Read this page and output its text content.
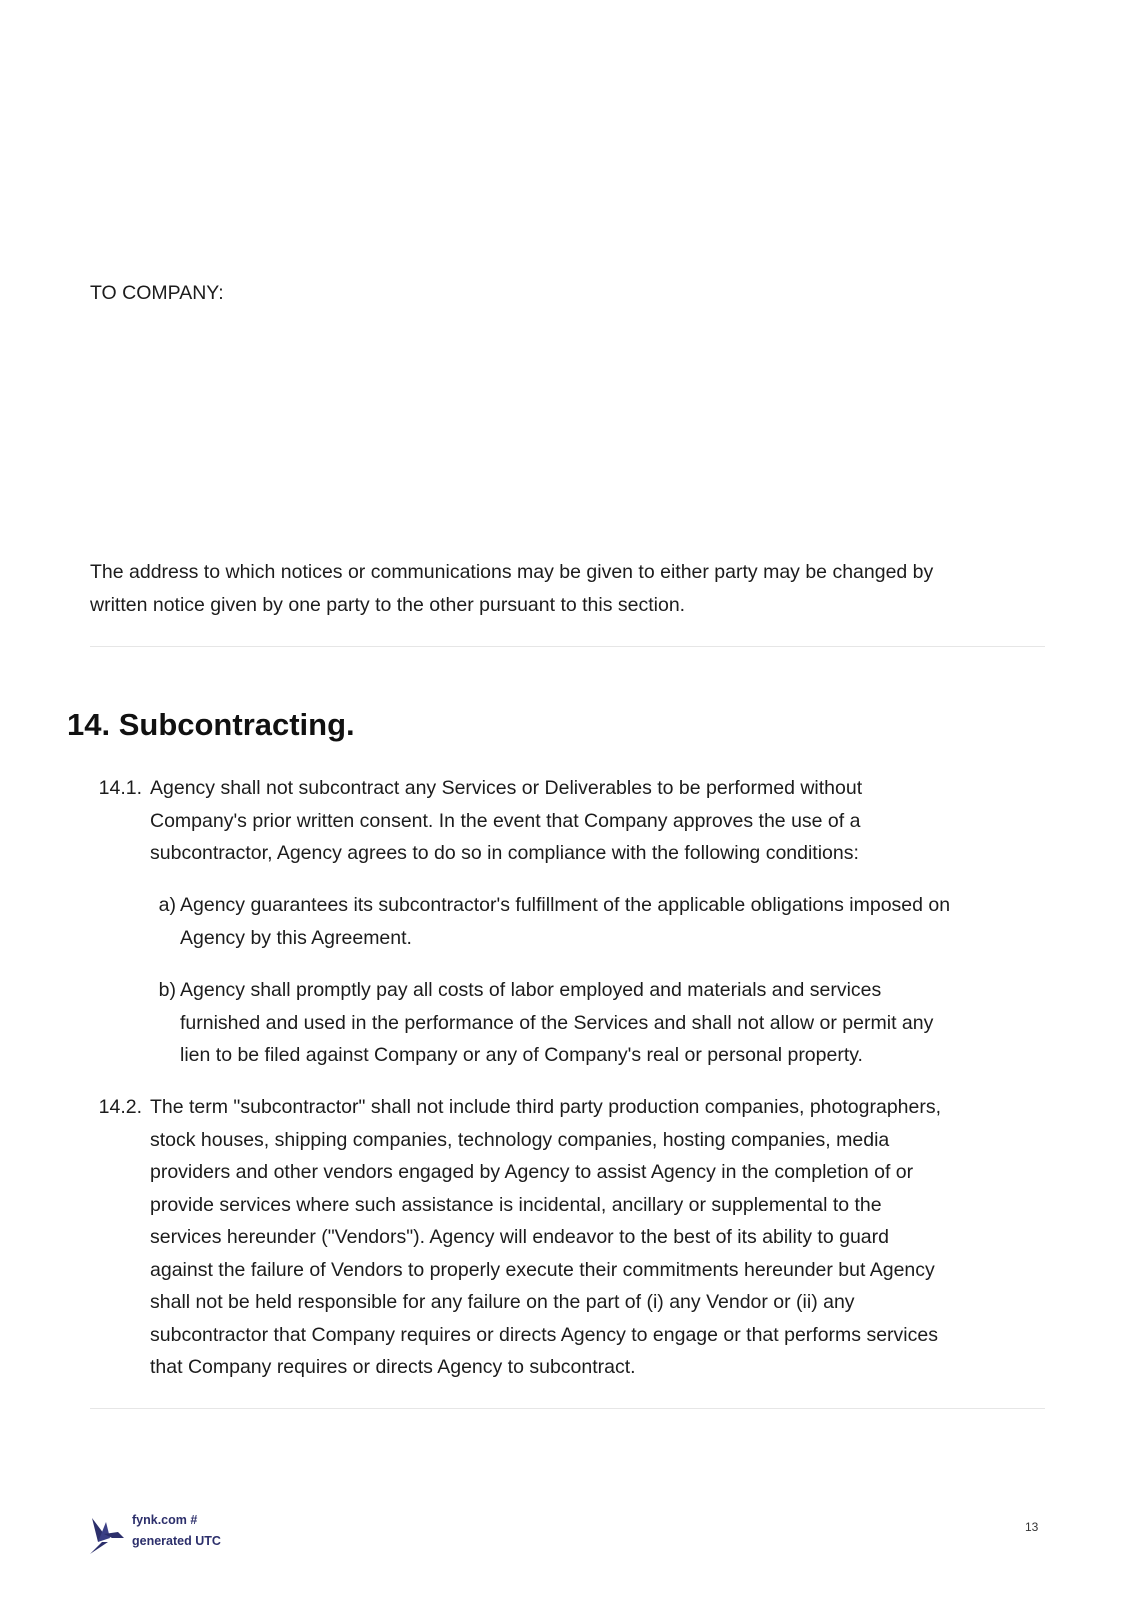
TO COMPANY:
The address to which notices or communications may be given to either party may be changed by
written notice given by one party to the other pursuant to this section.
14. Subcontracting.
14.1. Agency shall not subcontract any Services or Deliverables to be performed without
Company's prior written consent. In the event that Company approves the use of a
subcontractor, Agency agrees to do so in compliance with the following conditions:
a) Agency guarantees its subcontractor's fulfillment of the applicable obligations imposed on
Agency by this Agreement.
b) Agency shall promptly pay all costs of labor employed and materials and services
furnished and used in the performance of the Services and shall not allow or permit any
lien to be filed against Company or any of Company's real or personal property.
14.2. The term "subcontractor" shall not include third party production companies, photographers,
stock houses, shipping companies, technology companies, hosting companies, media
providers and other vendors engaged by Agency to assist Agency in the completion of or
provide services where such assistance is incidental, ancillary or supplemental to the
services hereunder ("Vendors"). Agency will endeavor to the best of its ability to guard
against the failure of Vendors to properly execute their commitments hereunder but Agency
shall not be held responsible for any failure on the part of (i) any Vendor or (ii) any
subcontractor that Company requires or directs Agency to engage or that performs services
that Company requires or directs Agency to subcontract.
fynk.com #
generated UTC
13
